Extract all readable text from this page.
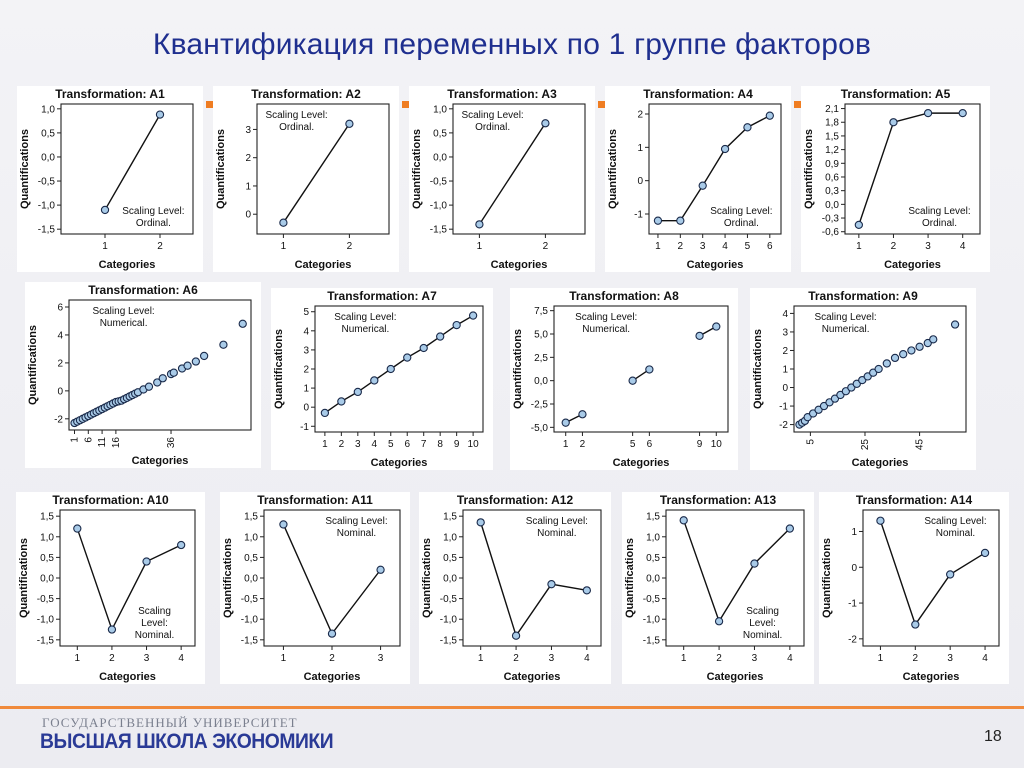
Квантификация переменных по 1 группе факторов
Transformation: A1
Categories
Quantifications
-1,5
-1,0
-0,5
0,0
0,5
1,0
1	2
Scaling Level:
Ordinal.
Transformation: A2
Categories
Quantifications
0
1
2
3
1	2
Scaling Level:
Ordinal.
Transformation: A3
Categories
Quantifications
-1,5
-1,0
-0,5
0,0
0,5
1,0
1	2
Scaling Level:
Ordinal.
Transformation: A4
Categories
Quantifications
-1
0
1
2
1 2 3 4 5 6
Scaling Level:
Ordinal.
Transformation: A5
Categories
Quantifications
-0,6
-0,3
0,0
0,3
0,6
0,9
1,2
1,5
1,8
2,1
1	2	3	4
Scaling Level:
Ordinal.
Transformation: A6
Categories
Quantifications
-2
0
2
4
6
1 6 11 16	36
Scaling Level:
Numerical.
Transformation: A7
Categories
Quantifications
-1
0
1
2
3
4
5
1 2 3 4 5 6 7 8 9 10
Scaling Level:
Numerical.
Transformation: A8
Categories
Quantifications
-5,0
-2,5
0,0
2,5
5,0
7,5
1 2	5 6	9 10
Scaling Level:
Numerical.
Transformation: A9
Categories
Quantifications
-2
-1
0
1
2
3
4
5	25	45
Scaling Level:
Numerical.
Transformation: A10
Categories
Quantifications
-1,5
-1,0
-0,5
0,0
0,5
1,0
1,5
1	2	3	4
Scaling
Level:
Nominal.
Transformation: A11
Categories
Quantifications
-1,5
-1,0
-0,5
0,0
0,5
1,0
1,5
1	2	3
Scaling Level:
Nominal.
Transformation: A12
Categories
Quantifications
-1,5
-1,0
-0,5
0,0
0,5
1,0
1,5
1	2	3	4
Scaling Level:
Nominal.
Transformation: A13
Categories
Quantifications
-1,5
-1,0
-0,5
0,0
0,5
1,0
1,5
1	2	3	4
Scaling
Level:
Nominal.
Transformation: A14
Categories
Quantifications
-2
-1
0
1
1	2	3	4
Scaling Level:
Nominal.
ГОСУДАРСТВЕННЫЙ УНИВЕРСИТЕТ
ВЫСШАЯ ШКОЛА ЭКОНОМИКИ	18
